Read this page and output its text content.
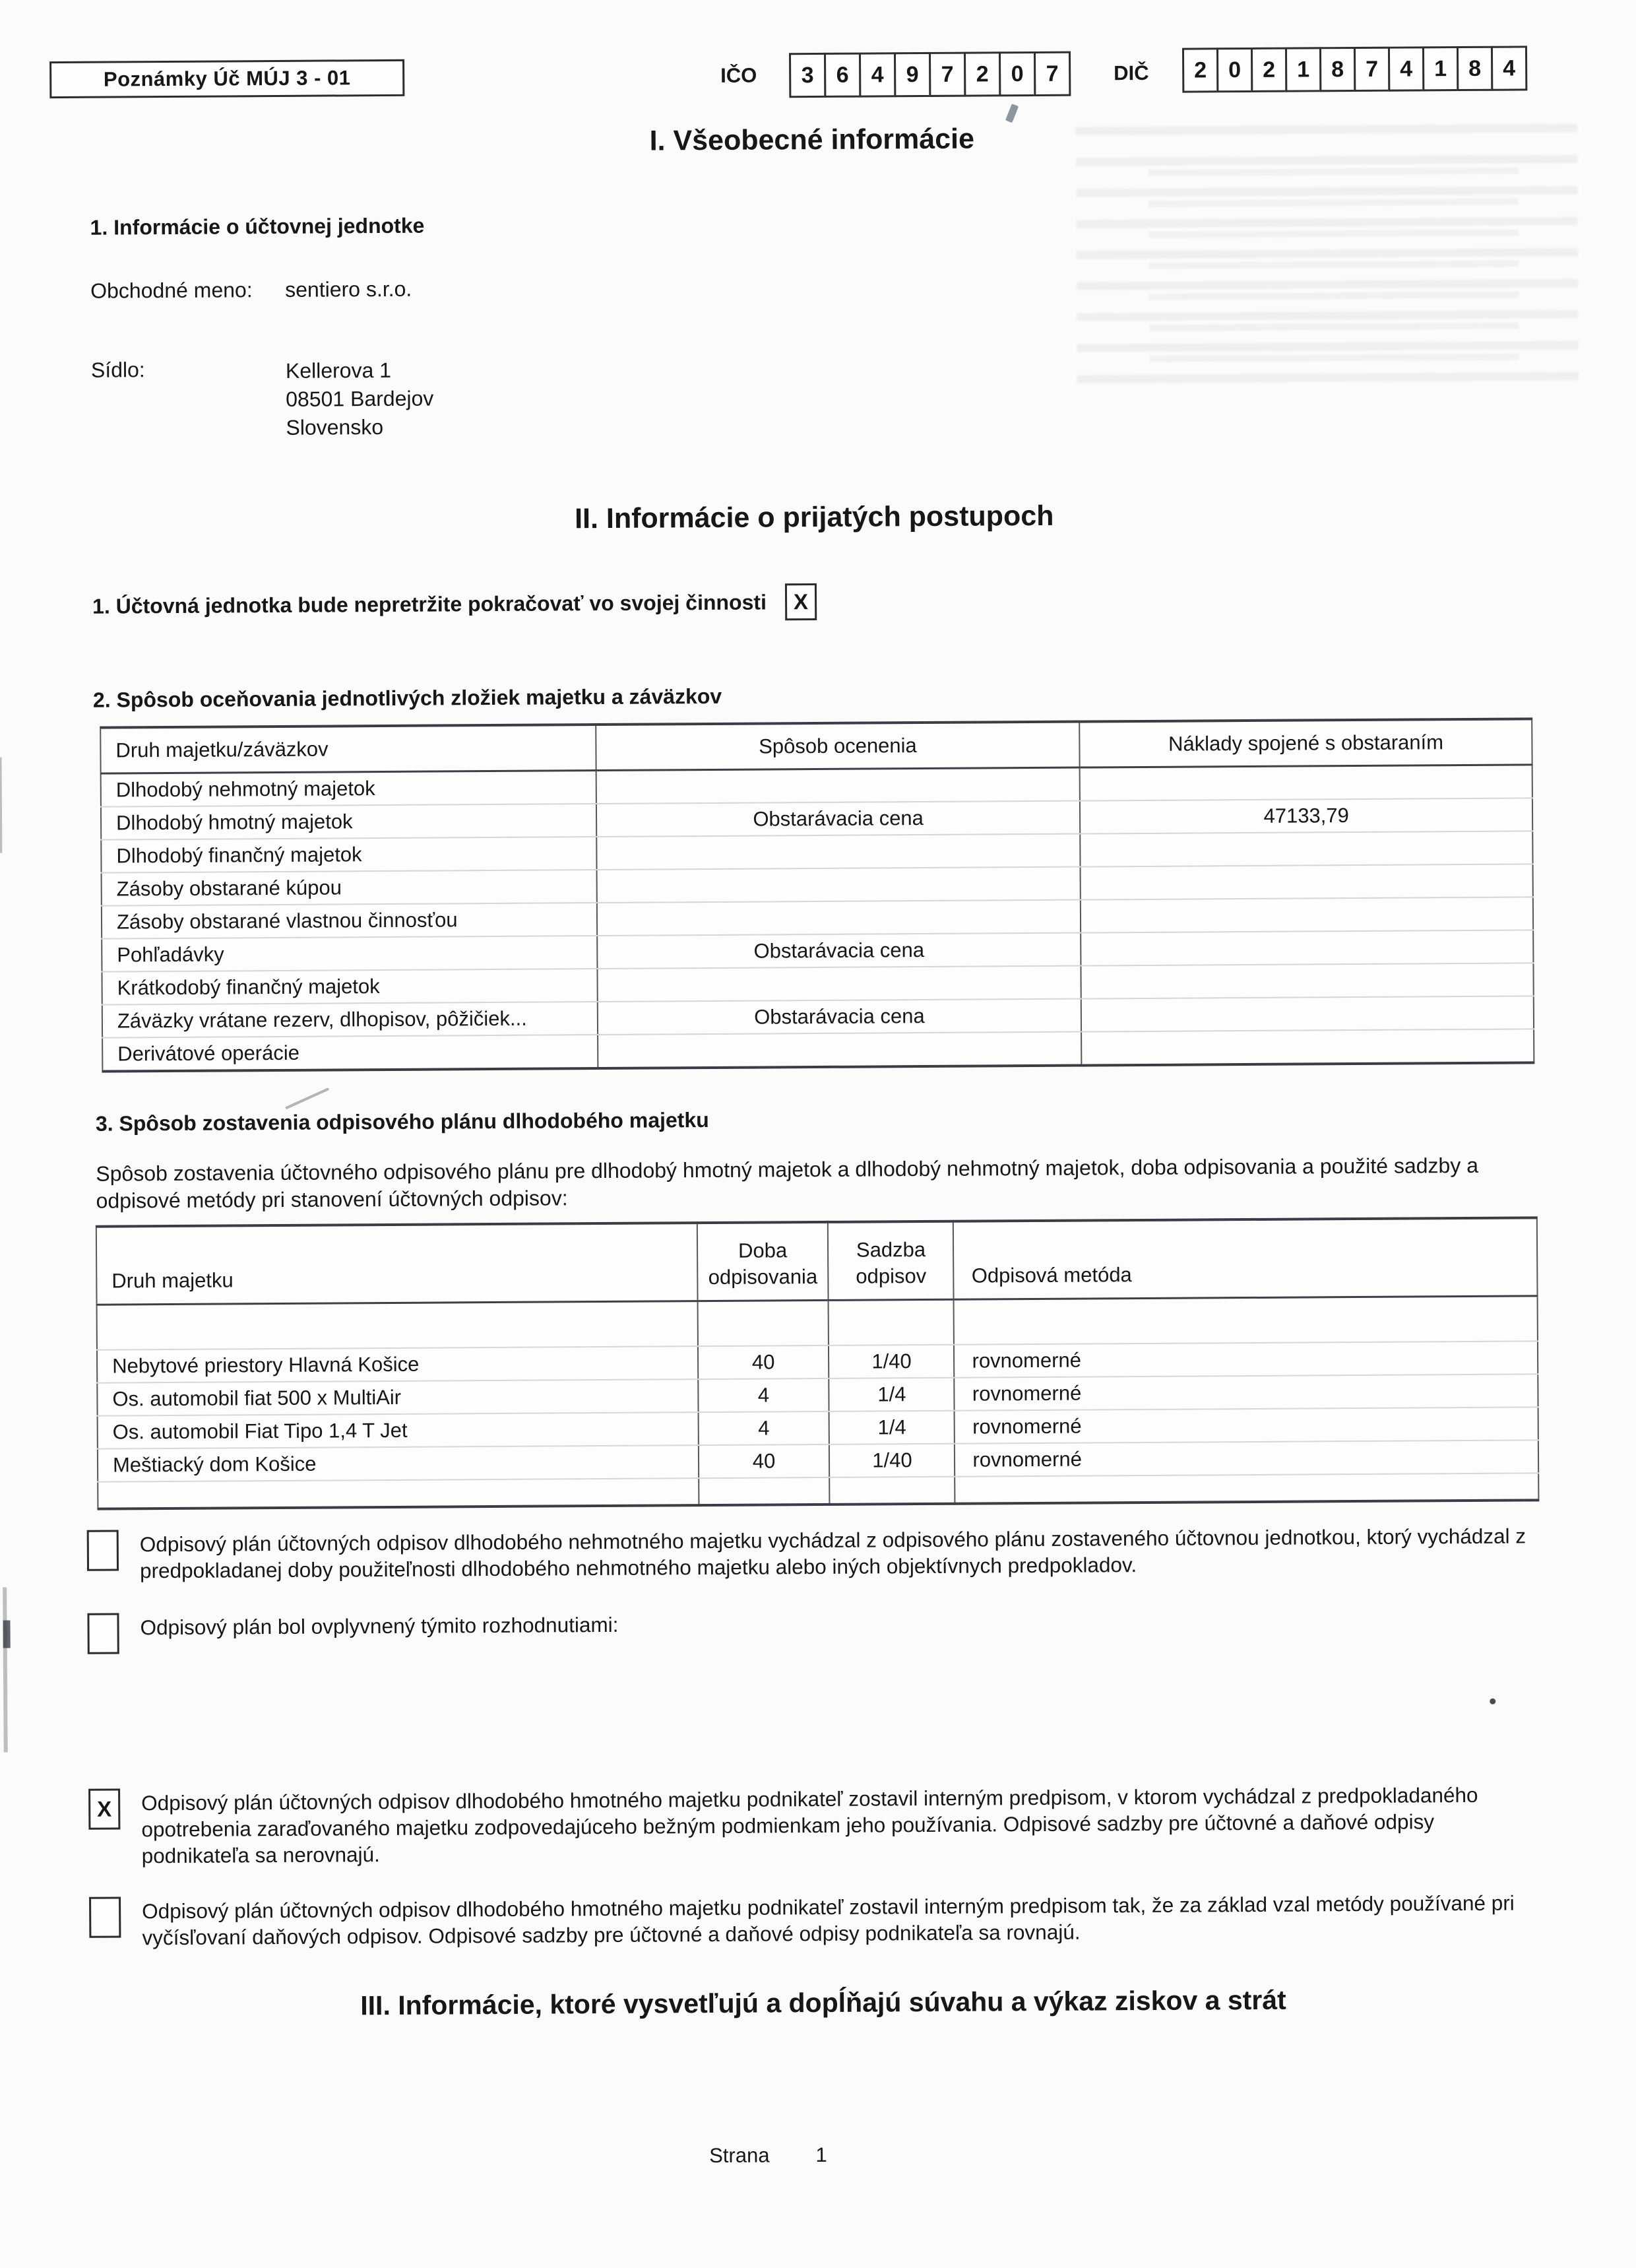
Poznámky Úč MÚJ 3 - 01	IČO	3 6 4 9 7 2 0 7	DIČ	2 0 2 1 8 7 4 1 8 4
I. Všeobecné informácie
1. Informácie o účtovnej jednotke
Obchodné meno:	sentiero s.r.o.
Sídlo:	Kellerova 1
08501 Bardejov
Slovensko
II. Informácie o prijatých postupoch
1. Účtovná jednotka bude nepretržite pokračovať vo svojej činnosti	X
2. Spôsob oceňovania jednotlivých zložiek majetku a záväzkov
Druh majetku/záväzkov	Spôsob ocenenia	Náklady spojené s obstaraním
Dlhodobý nehmotný majetok		
Dlhodobý hmotný majetok	Obstarávacia cena	47133,79
Dlhodobý finančný majetok		
Zásoby obstarané kúpou		
Zásoby obstarané vlastnou činnosťou		
Pohľadávky	Obstarávacia cena	
Krátkodobý finančný majetok		
Záväzky vrátane rezerv, dlhopisov, pôžičiek...	Obstarávacia cena	
Derivátové operácie		
3. Spôsob zostavenia odpisového plánu dlhodobého majetku
Spôsob zostavenia účtovného odpisového plánu pre dlhodobý hmotný majetok a dlhodobý nehmotný majetok, doba odpisovania a použité sadzby a odpisové metódy pri stanovení účtovných odpisov:
Druh majetku	Doba odpisovania	Sadzba odpisov	Odpisová metóda

Nebytové priestory Hlavná Košice	40	1/40	rovnomerné
Os. automobil fiat 500 x MultiAir	4	1/4	rovnomerné
Os. automobil Fiat Tipo 1,4 T Jet	4	1/4	rovnomerné
Meštiacký dom Košice	40	1/40	rovnomerné

Odpisový plán účtovných odpisov dlhodobého nehmotného majetku vychádzal z odpisového plánu zostaveného účtovnou jednotkou, ktorý vychádzal z predpokladanej doby použiteľnosti dlhodobého nehmotného majetku alebo iných objektívnych predpokladov.
Odpisový plán bol ovplyvnený týmito rozhodnutiami:
X	Odpisový plán účtovných odpisov dlhodobého hmotného majetku podnikateľ zostavil interným predpisom, v ktorom vychádzal z predpokladaného opotrebenia zaraďovaného majetku zodpovedajúceho bežným podmienkam jeho používania. Odpisové sadzby pre účtovné a daňové odpisy podnikateľa sa nerovnajú.
Odpisový plán účtovných odpisov dlhodobého hmotného majetku podnikateľ zostavil interným predpisom tak, že za základ vzal metódy používané pri vyčísľovaní daňových odpisov. Odpisové sadzby pre účtovné a daňové odpisy podnikateľa sa rovnajú.
III. Informácie, ktoré vysvetľujú a dopĺňajú súvahu a výkaz ziskov a strát
Strana 1
